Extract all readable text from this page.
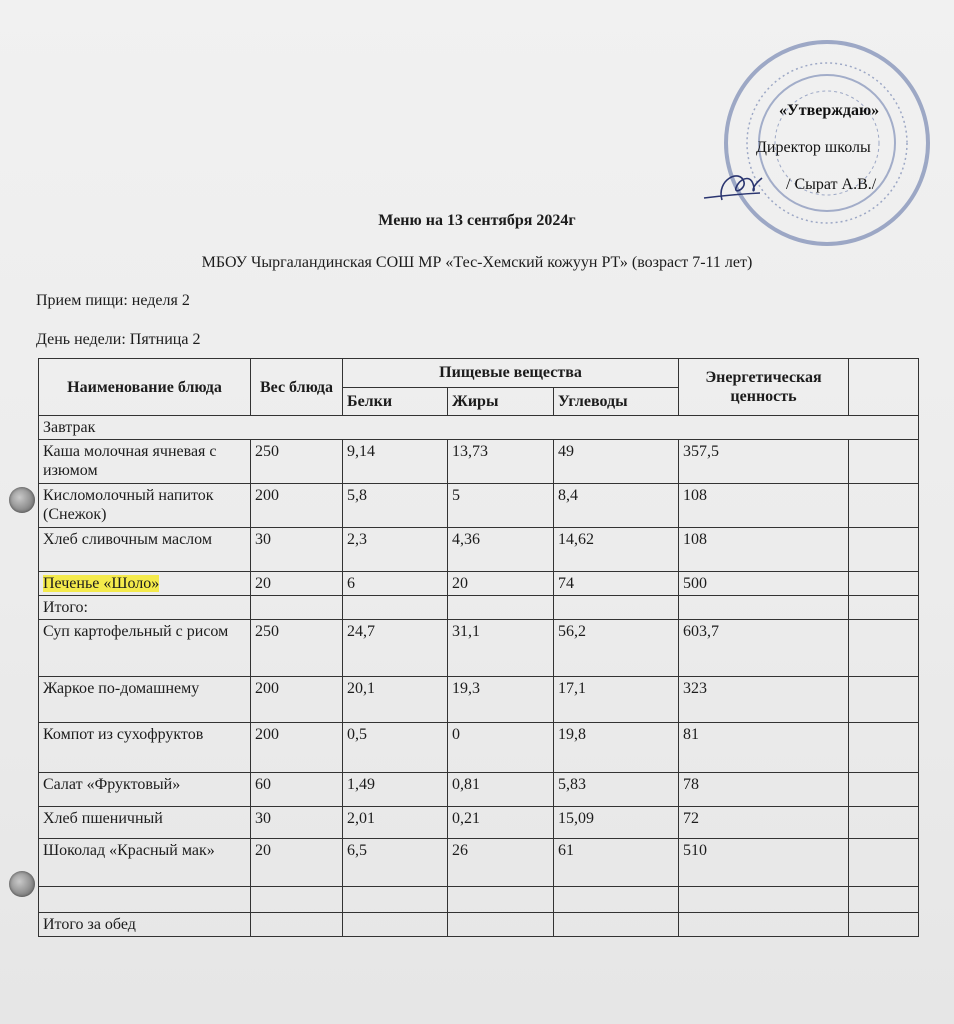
«Утверждаю»
Директор школы
/ Сырат А.В./
Меню на 13 сентября 2024г
МБОУ Чыргаландинская СОШ МР «Тес-Хемский кожуун РТ» (возраст 7-11 лет)
Прием пищи: неделя 2
День недели: Пятница 2
Наименование блюда	Вес блюда	Пищевые вещества			Энергетическая ценность	
		Белки	Жиры	Углеводы		
Завтрак						
Каша молочная ячневая с изюмом	250	9,14	13,73	49	357,5	
Кисломолочный напиток (Снежок)	200	5,8	5	8,4	108	
Хлеб сливочным маслом	30	2,3	4,36	14,62	108	
Печенье «Шоло»	20	6	20	74	500	
Итого:						
Суп картофельный с рисом	250	24,7	31,1	56,2	603,7	
Жаркое по-домашнему	200	20,1	19,3	17,1	323	
Компот из сухофруктов	200	0,5	0	19,8	81	
Салат «Фруктовый»	60	1,49	0,81	5,83	78	
Хлеб пшеничный	30	2,01	0,21	15,09	72	
Шоколад «Красный мак»	20	6,5	26	61	510	

Итого за обед						
